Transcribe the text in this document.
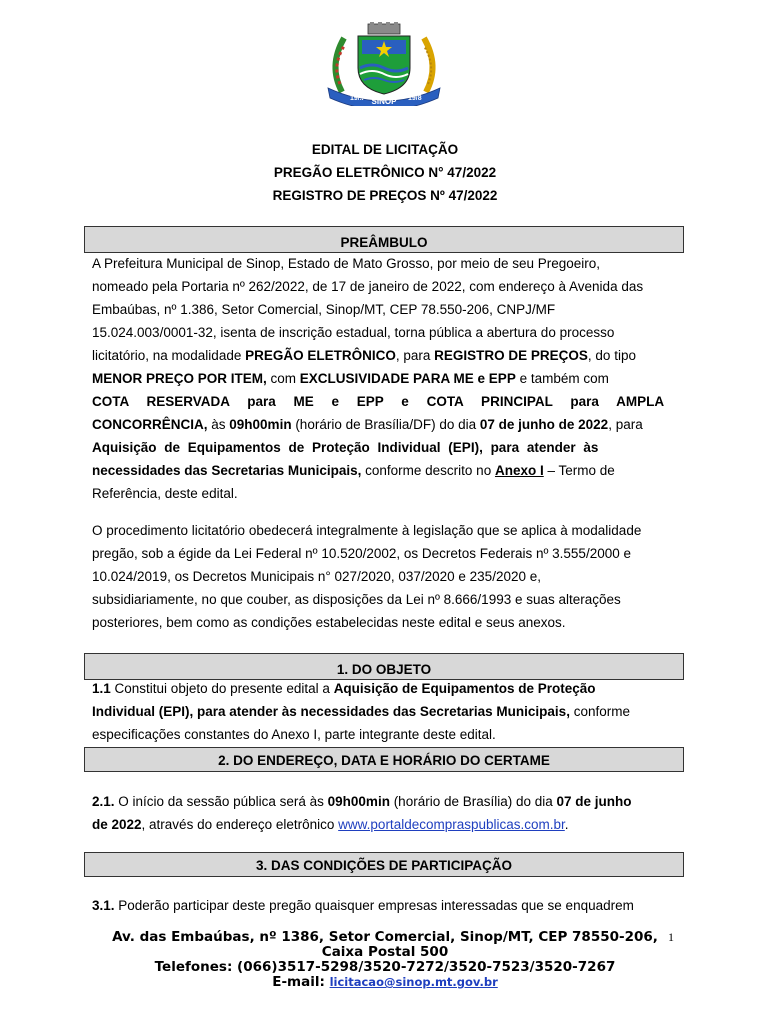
19/.. SINOP 19/8
EDITAL DE LICITAÇÃO
PREGÃO ELETRÔNICO N° 47/2022
REGISTRO DE PREÇOS Nº 47/2022
PREÂMBULO
A Prefeitura Municipal de Sinop, Estado de Mato Grosso, por meio de seu Pregoeiro,
nomeado pela Portaria nº 262/2022, de 17 de janeiro de 2022, com endereço à Avenida das
Embaúbas, nº 1.386, Setor Comercial, Sinop/MT, CEP 78.550-206, CNPJ/MF
15.024.003/0001-32, isenta de inscrição estadual, torna pública a abertura do processo
licitatório, na modalidade PREGÃO ELETRÔNICO, para REGISTRO DE PREÇOS, do tipo
MENOR PREÇO POR ITEM, com EXCLUSIVIDADE PARA ME e EPP e também com
COTA RESERVADA para ME e EPP e COTA PRINCIPAL para AMPLA
CONCORRÊNCIA, às 09h00min (horário de Brasília/DF) do dia 07 de junho de 2022, para
Aquisição de Equipamentos de Proteção Individual (EPI), para atender às
necessidades das Secretarias Municipais, conforme descrito no Anexo I – Termo de
Referência, deste edital.
O procedimento licitatório obedecerá integralmente à legislação que se aplica à modalidade
pregão, sob a égide da Lei Federal nº 10.520/2002, os Decretos Federais nº 3.555/2000 e
10.024/2019, os Decretos Municipais n° 027/2020, 037/2020 e 235/2020 e,
subsidiariamente, no que couber, as disposições da Lei nº 8.666/1993 e suas alterações
posteriores, bem como as condições estabelecidas neste edital e seus anexos.
1. DO OBJETO
1.1 Constitui objeto do presente edital a Aquisição de Equipamentos de Proteção
Individual (EPI), para atender às necessidades das Secretarias Municipais, conforme
especificações constantes do Anexo I, parte integrante deste edital.
2. DO ENDEREÇO, DATA E HORÁRIO DO CERTAME
2.1. O início da sessão pública será às 09h00min (horário de Brasília) do dia 07 de junho
de 2022, através do endereço eletrônico www.portaldecompraspublicas.com.br.
3. DAS CONDIÇÕES DE PARTICIPAÇÃO
3.1. Poderão participar deste pregão quaisquer empresas interessadas que se enquadrem
Av. das Embaúbas, nº 1386, Setor Comercial, Sinop/MT, CEP 78550-206,
Caixa Postal 500
Telefones: (066)3517-5298/3520-7272/3520-7523/3520-7267
E-mail: licitacao@sinop.mt.gov.br
1
